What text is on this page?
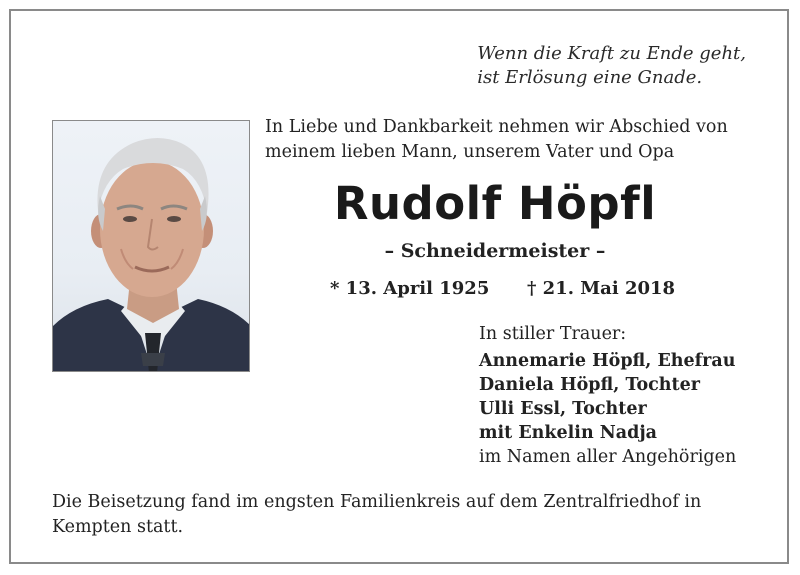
Wenn die Kraft zu Ende geht,
ist Erlösung eine Gnade.
In Liebe und Dankbarkeit nehmen wir Abschied von
meinem lieben Mann, unserem Vater und Opa
Rudolf Höpfl
– Schneidermeister –
* 13. April 1925 † 21. Mai 2018
In stiller Trauer:
Annemarie Höpfl, Ehefrau
Daniela Höpfl, Tochter
Ulli Essl, Tochter
mit Enkelin Nadja
im Namen aller Angehörigen
Die Beisetzung fand im engsten Familienkreis auf dem Zentralfriedhof in
Kempten statt.
